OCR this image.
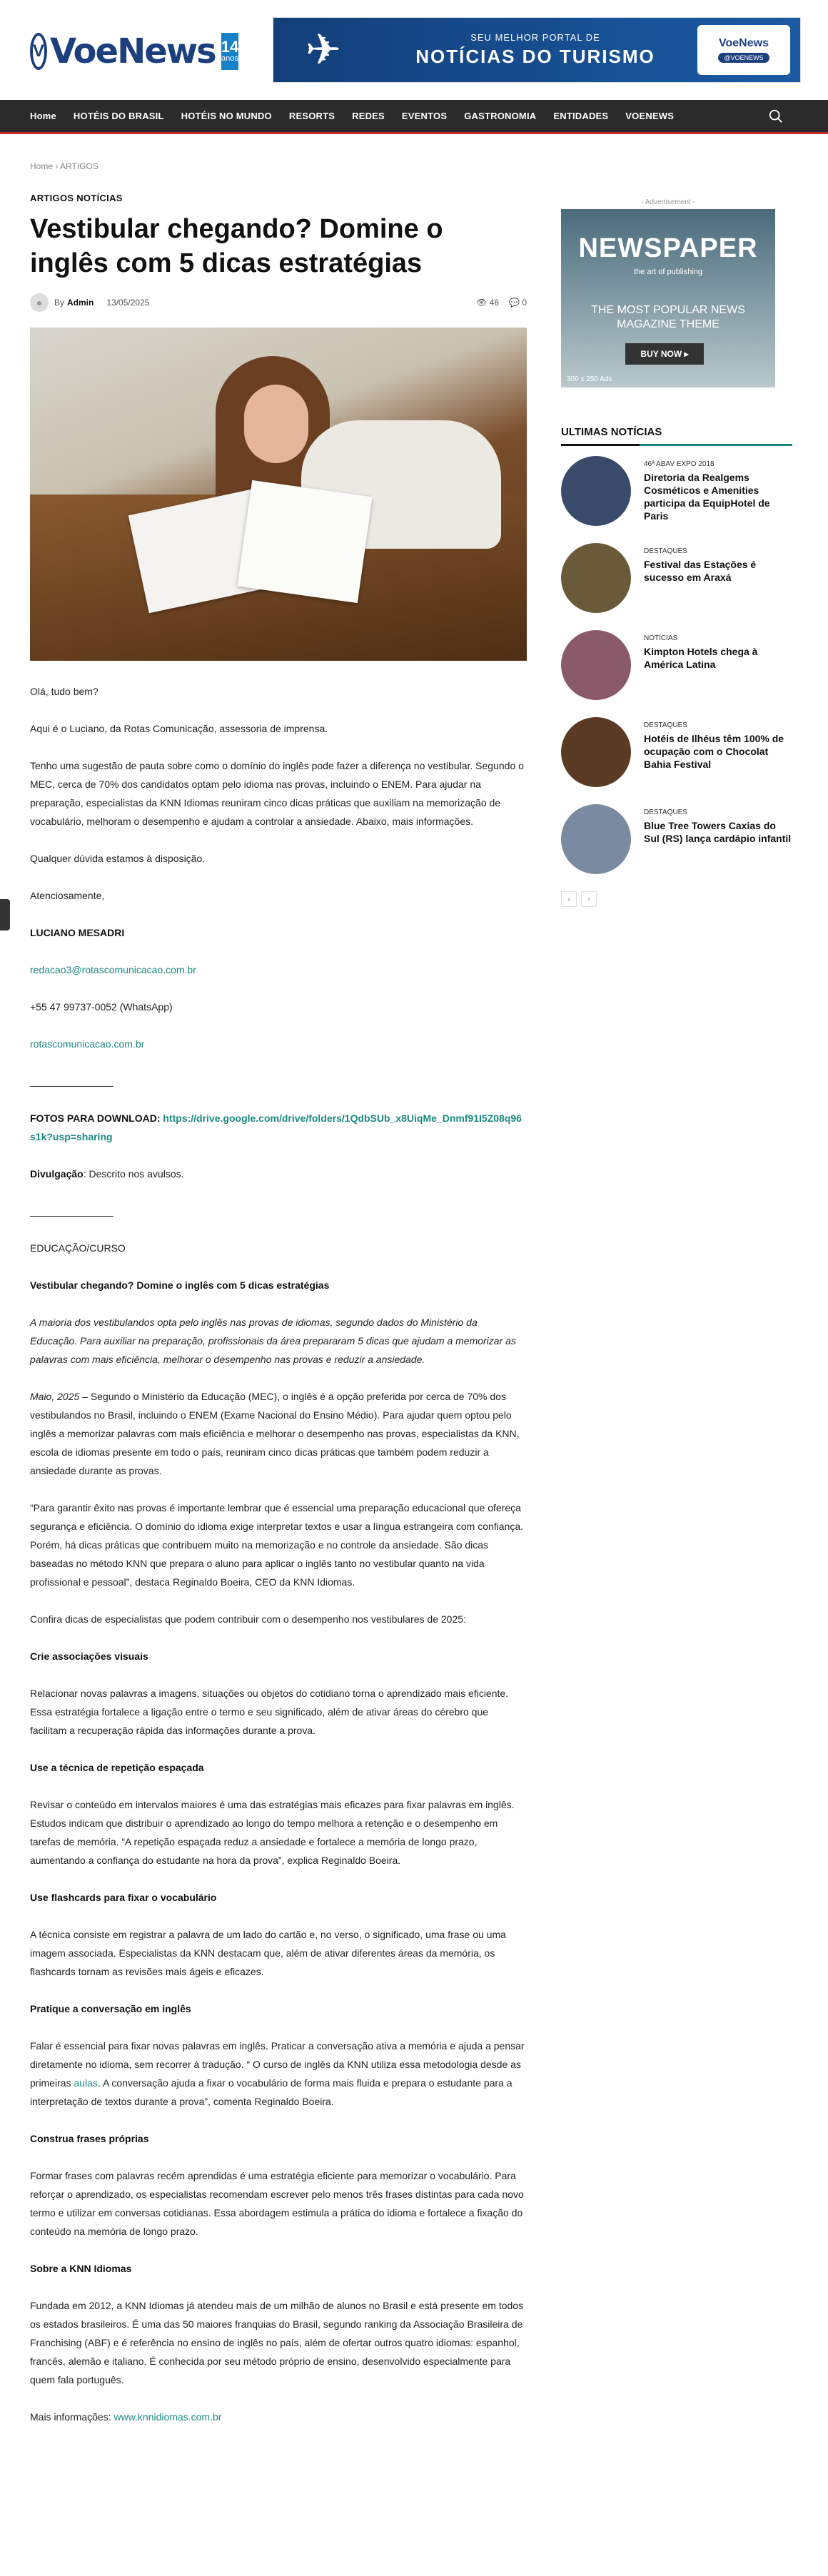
V VoeNews 14
anos	✈	SEU MELHOR PORTAL DE
NOTÍCIAS DO TURISMO
VoeNews
@VOENEWS
Home HOTÉIS DO BRASIL HOTÉIS NO MUNDO RESORTS REDES EVENTOS GASTRONOMIA ENTIDADES VOENEWS
Home › ARTIGOS
ARTIGOS NOTÍCIAS
Vestibular chegando? Domine o inglês com 5 dicas estratégias
●	By Admin 13/05/2025	👁 46 💬 0

Olá, tudo bem?

Aqui é o Luciano, da Rotas Comunicação, assessoria de imprensa.

Tenho uma sugestão de pauta sobre como o domínio do inglês pode fazer a diferença no vestibular. Segundo o MEC, cerca de 70% dos candidatos optam pelo idioma nas provas, incluindo o ENEM. Para ajudar na preparação, especialistas da KNN Idiomas reuniram cinco dicas práticas que auxiliam na memorização de vocabulário, melhoram o desempenho e ajudam a controlar a ansiedade. Abaixo, mais informações.

Qualquer dúvida estamos à disposição.

Atenciosamente,

LUCIANO MESADRI

redacao3@rotascomunicacao.com.br

+55 47 99737-0052 (WhatsApp)

rotascomunicacao.com.br

_______________

FOTOS PARA DOWNLOAD: https://drive.google.com/drive/folders/1QdbSUb_x8UiqMe_Dnmf91I5Z08q96s1k?usp=sharing

Divulgação: Descrito nos avulsos.

_______________

EDUCAÇÃO/CURSO

Vestibular chegando? Domine o inglês com 5 dicas estratégias

A maioria dos vestibulandos opta pelo inglês nas provas de idiomas, segundo dados do Ministério da Educação. Para auxiliar na preparação, profissionais da área prepararam 5 dicas que ajudam a memorizar as palavras com mais eficiência, melhorar o desempenho nas provas e reduzir a ansiedade.

Maio, 2025 – Segundo o Ministério da Educação (MEC), o inglês é a opção preferida por cerca de 70% dos vestibulandos no Brasil, incluindo o ENEM (Exame Nacional do Ensino Médio). Para ajudar quem optou pelo inglês a memorizar palavras com mais eficiência e melhorar o desempenho nas provas, especialistas da KNN, escola de idiomas presente em todo o país, reuniram cinco dicas práticas que também podem reduzir a ansiedade durante as provas.

“Para garantir êxito nas provas é importante lembrar que é essencial uma preparação educacional que ofereça segurança e eficiência. O domínio do idioma exige interpretar textos e usar a língua estrangeira com confiança. Porém, há dicas práticas que contribuem muito na memorização e no controle da ansiedade. São dicas baseadas no método KNN que prepara o aluno para aplicar o inglês tanto no vestibular quanto na vida profissional e pessoal”, destaca Reginaldo Boeira, CEO da KNN Idiomas.

Confira dicas de especialistas que podem contribuir com o desempenho nos vestibulares de 2025:

Crie associações visuais

Relacionar novas palavras a imagens, situações ou objetos do cotidiano torna o aprendizado mais eficiente. Essa estratégia fortalece a ligação entre o termo e seu significado, além de ativar áreas do cérebro que facilitam a recuperação rápida das informações durante a prova.

Use a técnica de repetição espaçada

Revisar o conteúdo em intervalos maiores é uma das estratégias mais eficazes para fixar palavras em inglês. Estudos indicam que distribuir o aprendizado ao longo do tempo melhora a retenção e o desempenho em tarefas de memória. “A repetição espaçada reduz a ansiedade e fortalece a memória de longo prazo, aumentando a confiança do estudante na hora da prova”, explica Reginaldo Boeira.

Use flashcards para fixar o vocabulário

A técnica consiste em registrar a palavra de um lado do cartão e, no verso, o significado, uma frase ou uma imagem associada. Especialistas da KNN destacam que, além de ativar diferentes áreas da memória, os flashcards tornam as revisões mais ágeis e eficazes.

Pratique a conversação em inglês

Falar é essencial para fixar novas palavras em inglês. Praticar a conversação ativa a memória e ajuda a pensar diretamente no idioma, sem recorrer à tradução. “ O curso de inglês da KNN utiliza essa metodologia desde as primeiras aulas. A conversação ajuda a fixar o vocabulário de forma mais fluida e prepara o estudante para a interpretação de textos durante a prova”, comenta Reginaldo Boeira.

Construa frases próprias

Formar frases com palavras recém aprendidas é uma estratégia eficiente para memorizar o vocabulário. Para reforçar o aprendizado, os especialistas recomendam escrever pelo menos três frases distintas para cada novo termo e utilizar em conversas cotidianas. Essa abordagem estimula a prática do idioma e fortalece a fixação do conteúdo na memória de longo prazo.

Sobre a KNN Idiomas

Fundada em 2012, a KNN Idiomas já atendeu mais de um milhão de alunos no Brasil e está presente em todos os estados brasileiros. É uma das 50 maiores franquias do Brasil, segundo ranking da Associação Brasileira de Franchising (ABF) e é referência no ensino de inglês no país, além de ofertar outros quatro idiomas: espanhol, francês, alemão e italiano. É conhecida por seu método próprio de ensino, desenvolvido especialmente para quem fala português.

Mais informações: www.knnidiomas.com.br

- Advertisement -
NEWSPAPER
the art of publishing
THE MOST POPULAR NEWS
MAGAZINE THEME
BUY NOW ▸
300 x 250 Ads
ULTIMAS NOTÍCIAS
46ª ABAV EXPO 2018
Diretoria da Realgems Cosméticos e Amenities participa da EquipHotel de Paris
DESTAQUES
Festival das Estações é sucesso em Araxá
NOTÍCIAS
Kimpton Hotels chega à América Latina
DESTAQUES
Hotéis de Ilhéus têm 100% de ocupação com o Chocolat Bahia Festival
DESTAQUES
Blue Tree Towers Caxias do Sul (RS) lança cardápio infantil
‹	›
